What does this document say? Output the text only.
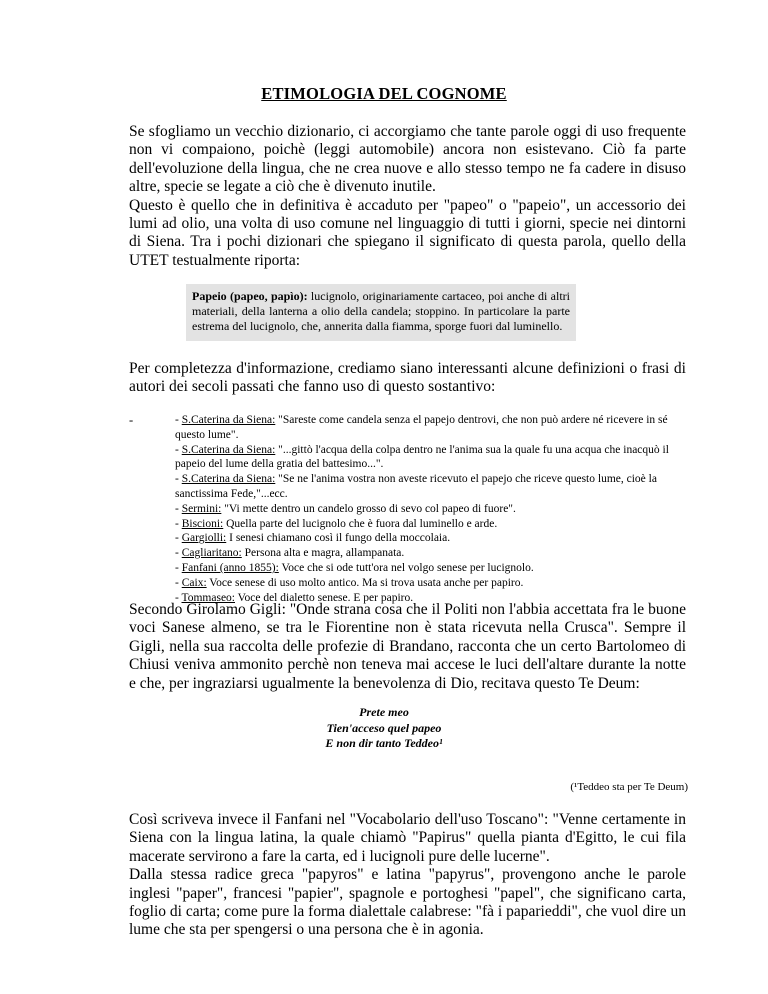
ETIMOLOGIA DEL COGNOME

Se sfogliamo un vecchio dizionario, ci accorgiamo che tante parole oggi di uso frequente non vi compaiono, poichè (leggi automobile) ancora non esistevano. Ciò fa parte dell'evoluzione della lingua, che ne crea nuove e allo stesso tempo ne fa cadere in disuso altre, specie se legate a ciò che è divenuto inutile.

Questo è quello che in definitiva è accaduto per "papeo" o "papeio", un accessorio dei lumi ad olio, una volta di uso comune nel linguaggio di tutti i giorni, specie nei dintorni di Siena. Tra i pochi dizionari che spiegano il significato di questa parola, quello della UTET testualmente riporta:

Papeio (papeo, papìo): lucignolo, originariamente cartaceo, poi anche di altri materiali, della lanterna a olio della candela; stoppino. In particolare la parte estrema del lucignolo, che, annerita dalla fiamma, sporge fuori dal luminello.

Per completezza d'informazione, crediamo siano interessanti alcune definizioni o frasi di autori dei secoli passati che fanno uso di questo sostantivo:

-	- S.Caterina da Siena: "Sareste come candela senza el papejo dentrovi, che non può ardere né ricevere in sé questo lume".

- S.Caterina da Siena: "...gittò l'acqua della colpa dentro ne l'anima sua la quale fu una acqua che inacquò il papeio del lume della gratia del battesimo...".

- S.Caterina da Siena: "Se ne l'anima vostra non aveste ricevuto el papejo che riceve questo lume, cioè la sanctissima Fede,"...ecc.

- Sermini: "Vi mette dentro un candelo grosso di sevo col papeo di fuore".

- Biscioni: Quella parte del lucignolo che è fuora dal luminello e arde.

- Gargiolli: I senesi chiamano così il fungo della moccolaia.

- Cagliaritano: Persona alta e magra, allampanata.

- Fanfani (anno 1855): Voce che si ode tutt'ora nel volgo senese per lucignolo.

- Caix: Voce senese di uso molto antico. Ma si trova usata anche per papiro.

- Tommaseo: Voce del dialetto senese. E per papiro.

Secondo Girolamo Gigli: "Onde strana cosa che il Politi non l'abbia accettata fra le buone voci Sanese almeno, se tra le Fiorentine non è stata ricevuta nella Crusca". Sempre il Gigli, nella sua raccolta delle profezie di Brandano, racconta che un certo Bartolomeo di Chiusi veniva ammonito perchè non teneva mai accese le luci dell'altare durante la notte e che, per ingraziarsi ugualmente la benevolenza di Dio, recitava questo Te Deum:

Prete meo
Tien'acceso quel papeo
E non dir tanto Teddeo¹
(¹Teddeo sta per Te Deum)

Così scriveva invece il Fanfani nel "Vocabolario dell'uso Toscano": "Venne certamente in Siena con la lingua latina, la quale chiamò "Papirus" quella pianta d'Egitto, le cui fila macerate servirono a fare la carta, ed i lucignoli pure delle lucerne".

Dalla stessa radice greca "papyros" e latina "papyrus", provengono anche le parole inglesi "paper", francesi "papier", spagnole e portoghesi "papel", che significano carta, foglio di carta; come pure la forma dialettale calabrese: "fà i paparieddi", che vuol dire un lume che sta per spengersi o una persona che è in agonia.
